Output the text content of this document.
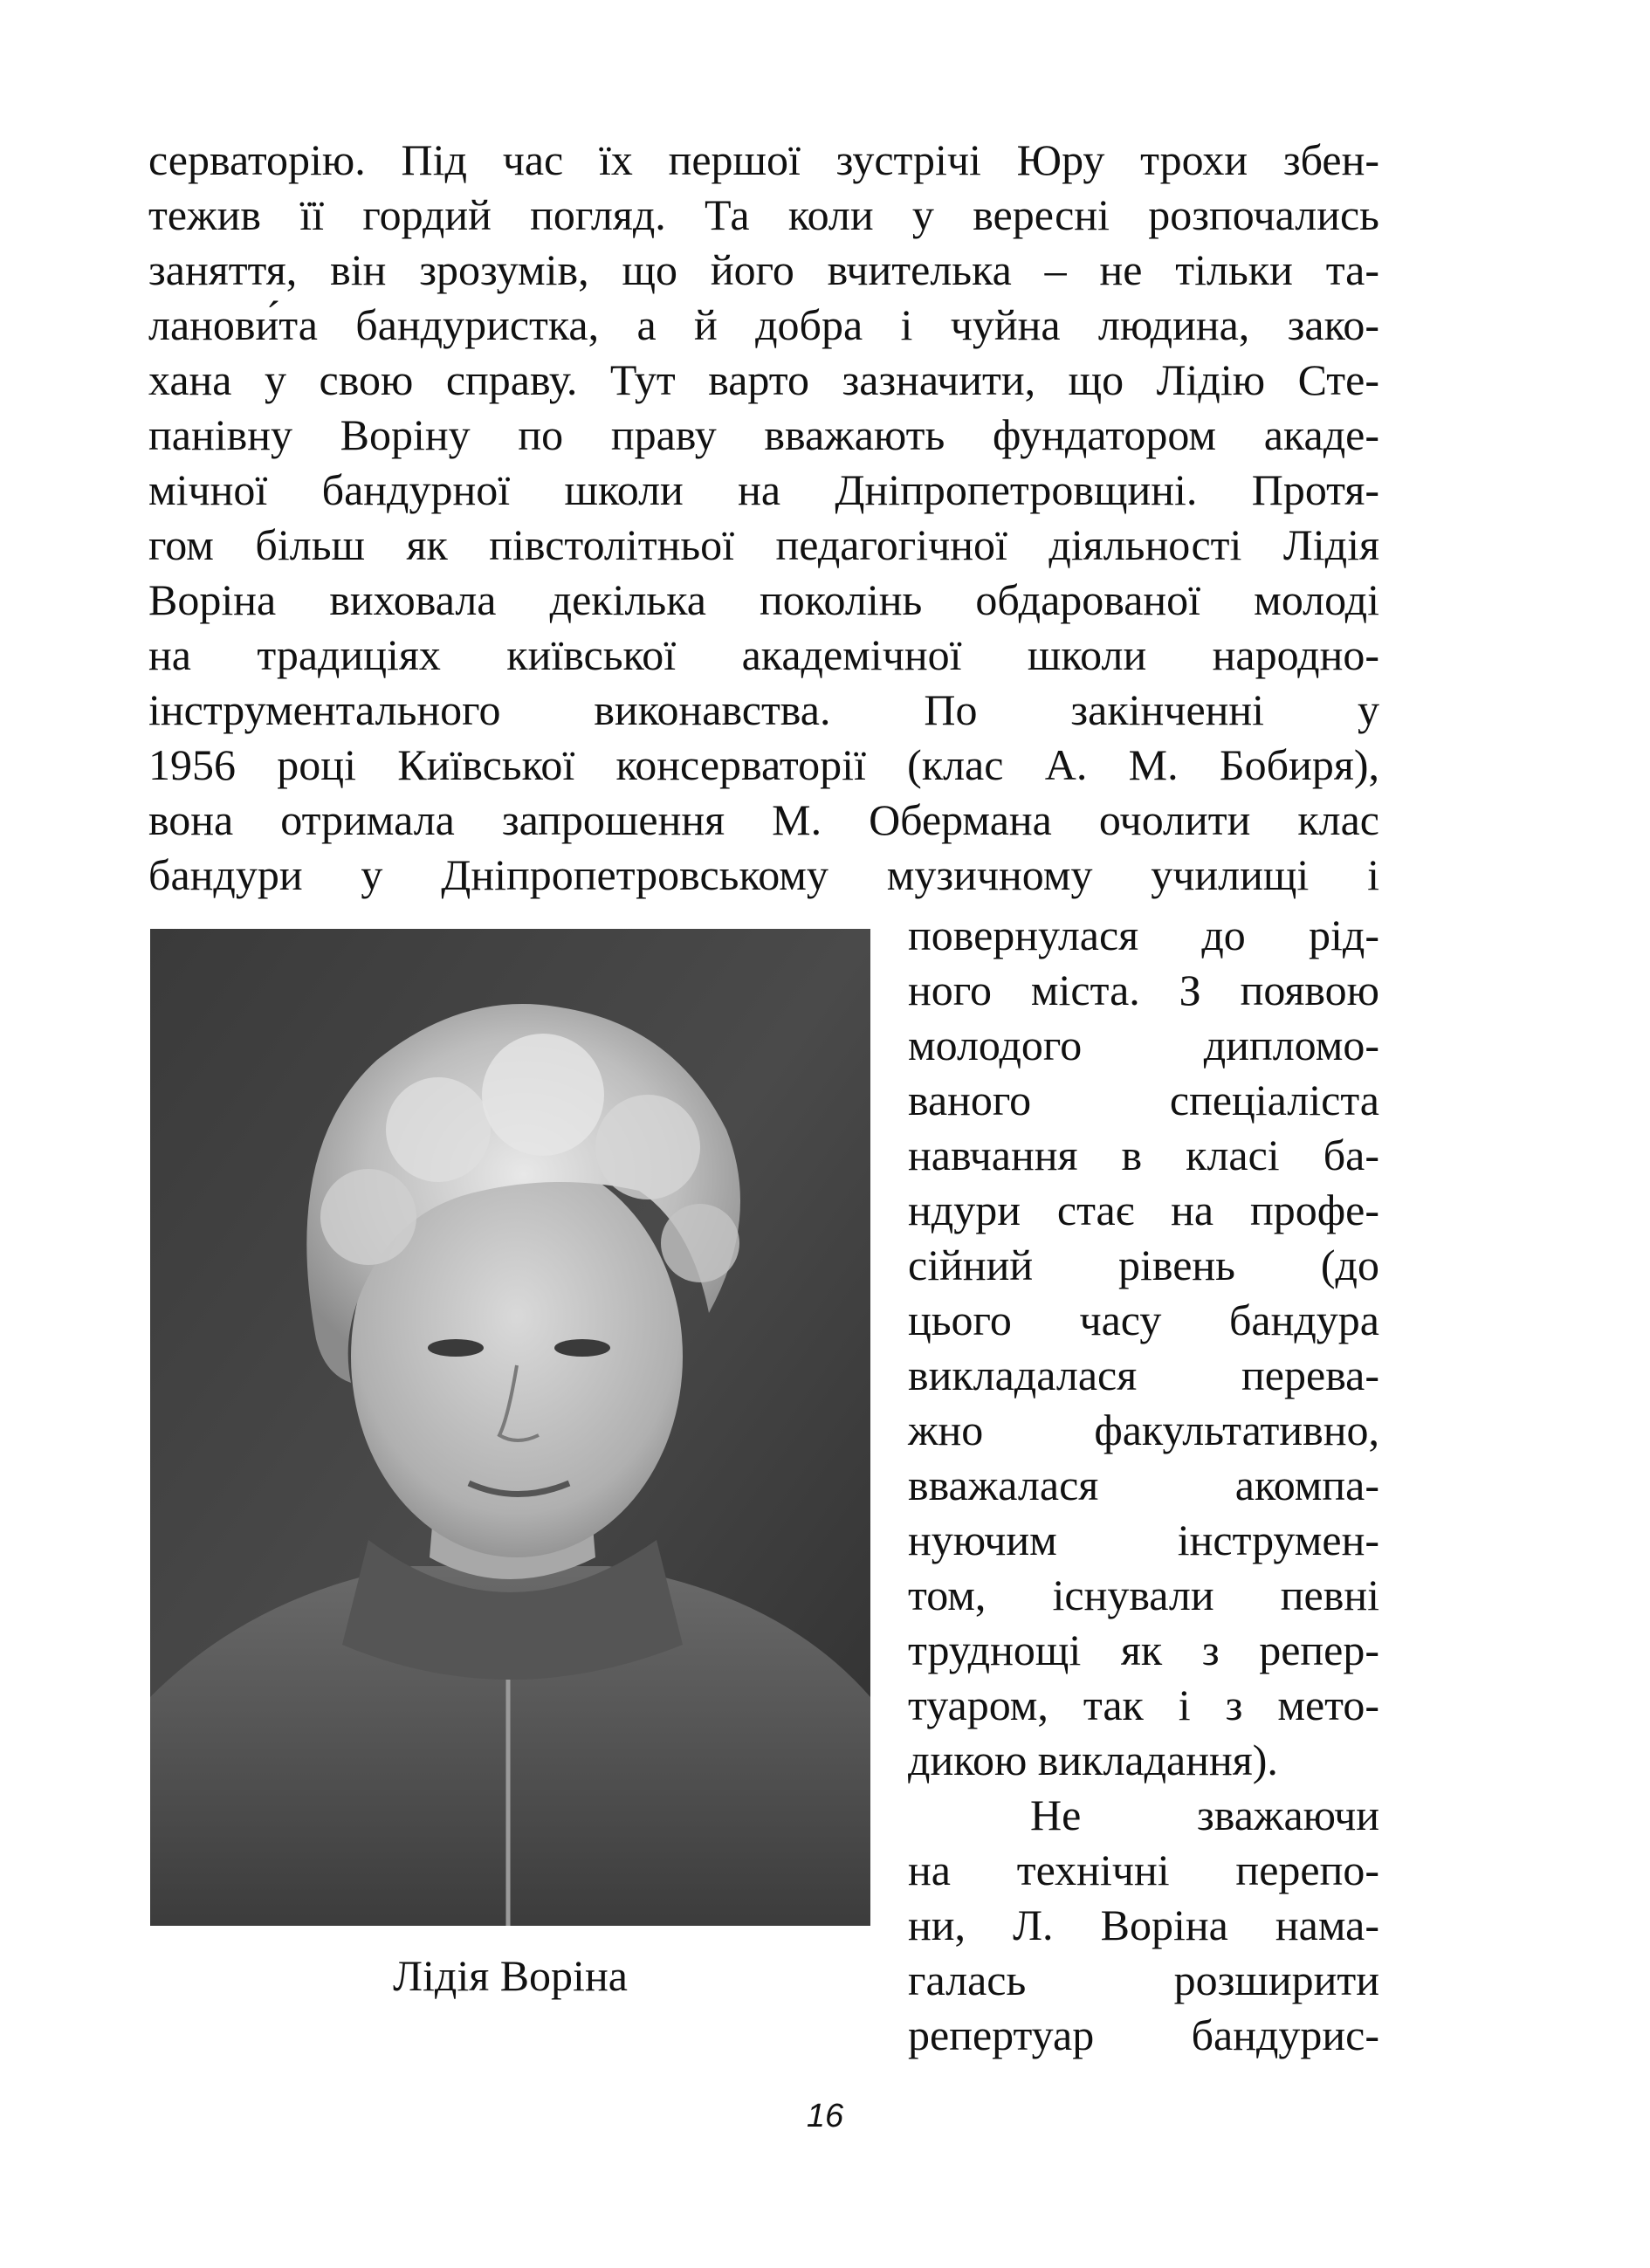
серваторію. Під час їх першої зустрічі Юру трохи збен-
тежив її гордий погляд. Та коли у вересні розпочались
заняття, він зрозумів, що його вчителька – не тільки та-
ланови́та бандуристка, а й добра і чуйна людина, зако-
хана у свою справу. Тут варто зазначити, що Лідію Сте-
панівну Воріну по праву вважають фундатором акаде-
мічної бандурної школи на Дніпропетровщині. Протя-
гом більш як півстолітньої педагогічної діяльності Лідія
Воріна виховала декілька поколінь обдарованої молоді
на традиціях київської академічної школи народно-
інструментального виконавства. По закінченні у
1956 році Київської консерваторії (клас А. М. Бобиря),
вона отримала запрошення М. Обермана очолити клас
бандури у Дніпропетровському музичному училищі і
Лідія Воріна
повернулася до рід-
ного міста. З появою
молодого дипломо-
ваного спеціаліста
навчання в класі ба-
ндури стає на профе-
сійний рівень (до
цього часу бандура
викладалася перева-
жно факультативно,
вважалася акомпа-
нуючим інструмен-
том, існували певні
труднощі як з репер-
туаром, так і з мето-
дикою викладання).
Не зважаючи
на технічні перепо-
ни, Л. Воріна нама-
галась розширити
репертуар бандурис-
16
